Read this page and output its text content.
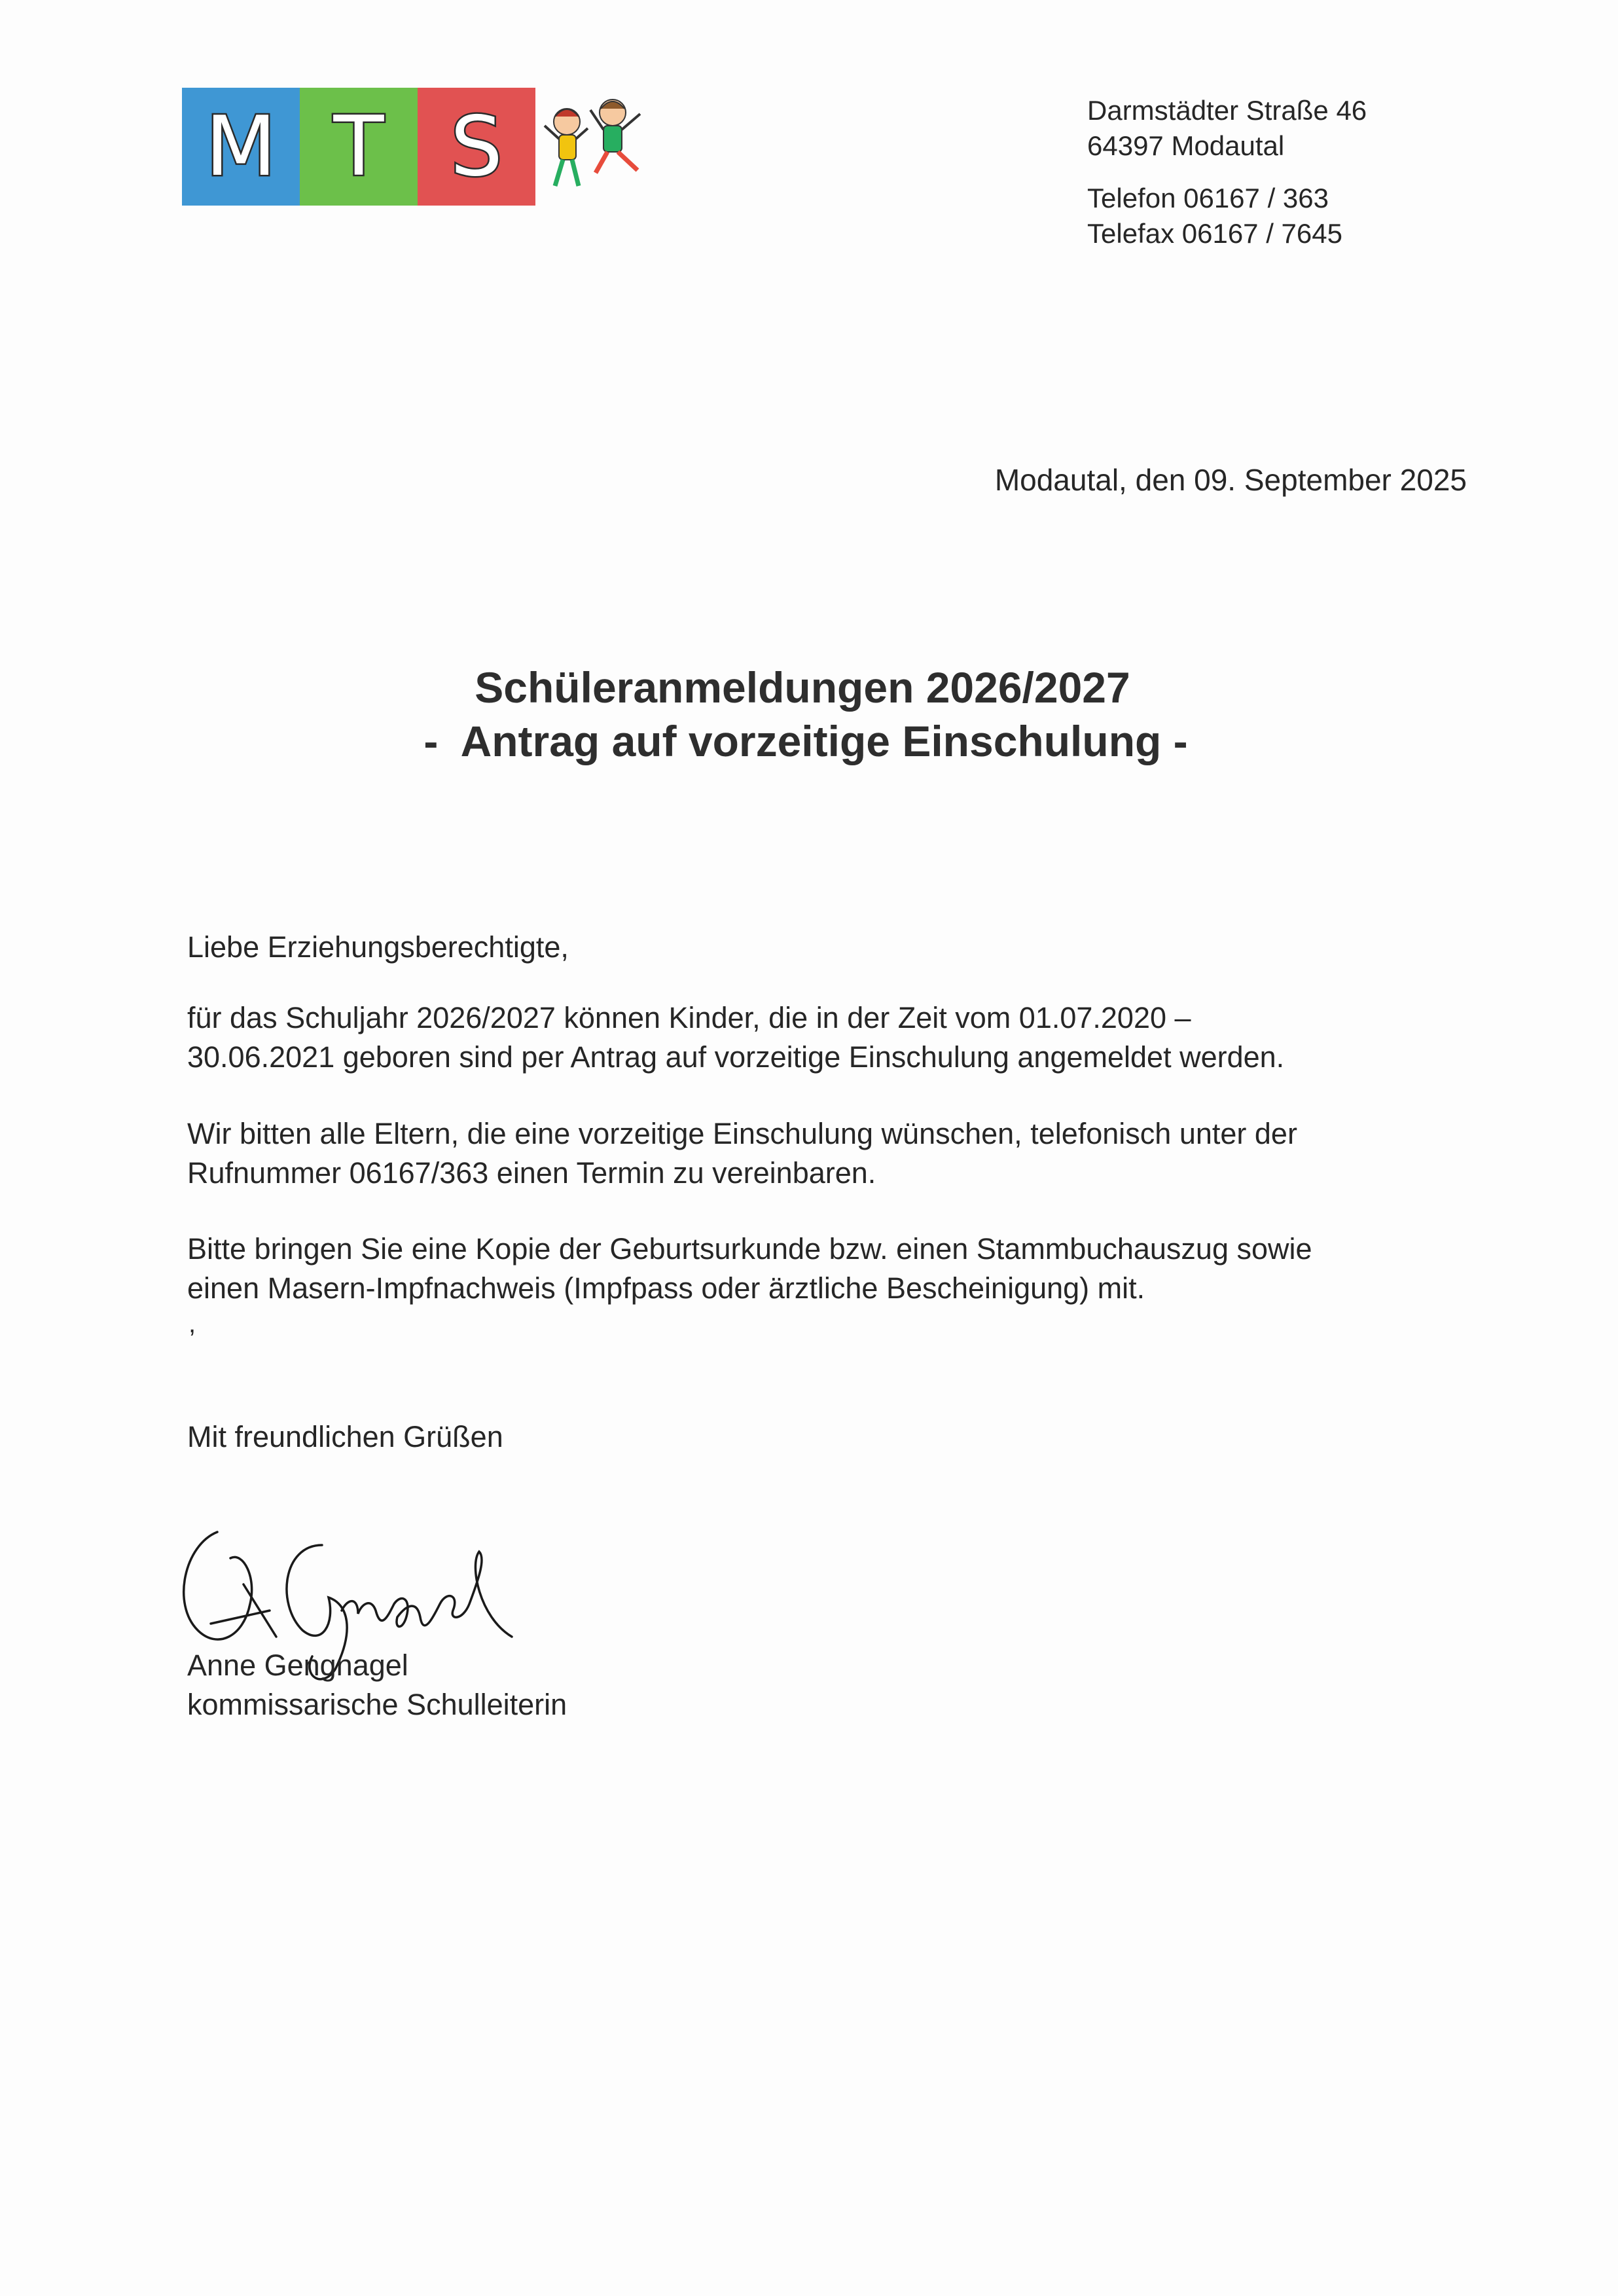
M T S	Darmstädter Straße 46
64397 Modautal
Telefon 06167 / 363
Telefax 06167 / 7645
Modautal, den 09. September 2025
Schüleranmeldungen 2026/2027
-  Antrag auf vorzeitige Einschulung -
Liebe Erziehungsberechtigte,
für das Schuljahr 2026/2027 können Kinder, die in der Zeit vom 01.07.2020 –
30.06.2021 geboren sind per Antrag auf vorzeitige Einschulung angemeldet werden.
Wir bitten alle Eltern, die eine vorzeitige Einschulung wünschen, telefonisch unter der
Rufnummer 06167/363 einen Termin zu vereinbaren.
Bitte bringen Sie eine Kopie der Geburtsurkunde bzw. einen Stammbuchauszug sowie
einen Masern-Impfnachweis (Impfpass oder ärztliche Bescheinigung) mit.
,
Mit freundlichen Grüßen
Anne Gengnagel
kommissarische Schulleiterin
